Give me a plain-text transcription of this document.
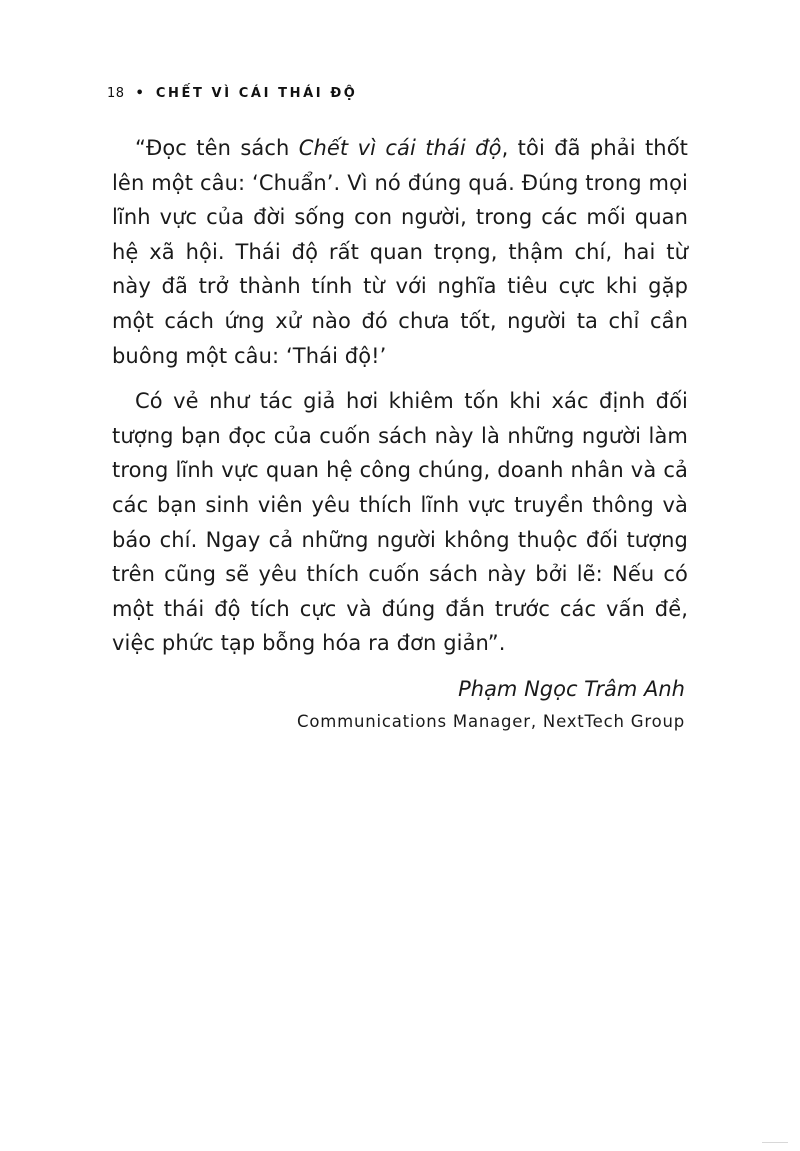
18 • CHẾT VÌ CÁI THÁI ĐỘ

“Đọc tên sách Chết vì cái thái độ, tôi đã phải thốt lên một câu: ‘Chuẩn’. Vì nó đúng quá. Đúng trong mọi lĩnh vực của đời sống con người, trong các mối quan hệ xã hội. Thái độ rất quan trọng, thậm chí, hai từ này đã trở thành tính từ với nghĩa tiêu cực khi gặp một cách ứng xử nào đó chưa tốt, người ta chỉ cần buông một câu: ‘Thái độ!’

Có vẻ như tác giả hơi khiêm tốn khi xác định đối tượng bạn đọc của cuốn sách này là những người làm trong lĩnh vực quan hệ công chúng, doanh nhân và cả các bạn sinh viên yêu thích lĩnh vực truyền thông và báo chí. Ngay cả những người không thuộc đối tượng trên cũng sẽ yêu thích cuốn sách này bởi lẽ: Nếu có một thái độ tích cực và đúng đắn trước các vấn đề, việc phức tạp bỗng hóa ra đơn giản”.

Phạm Ngọc Trâm Anh
Communications Manager, NextTech Group
